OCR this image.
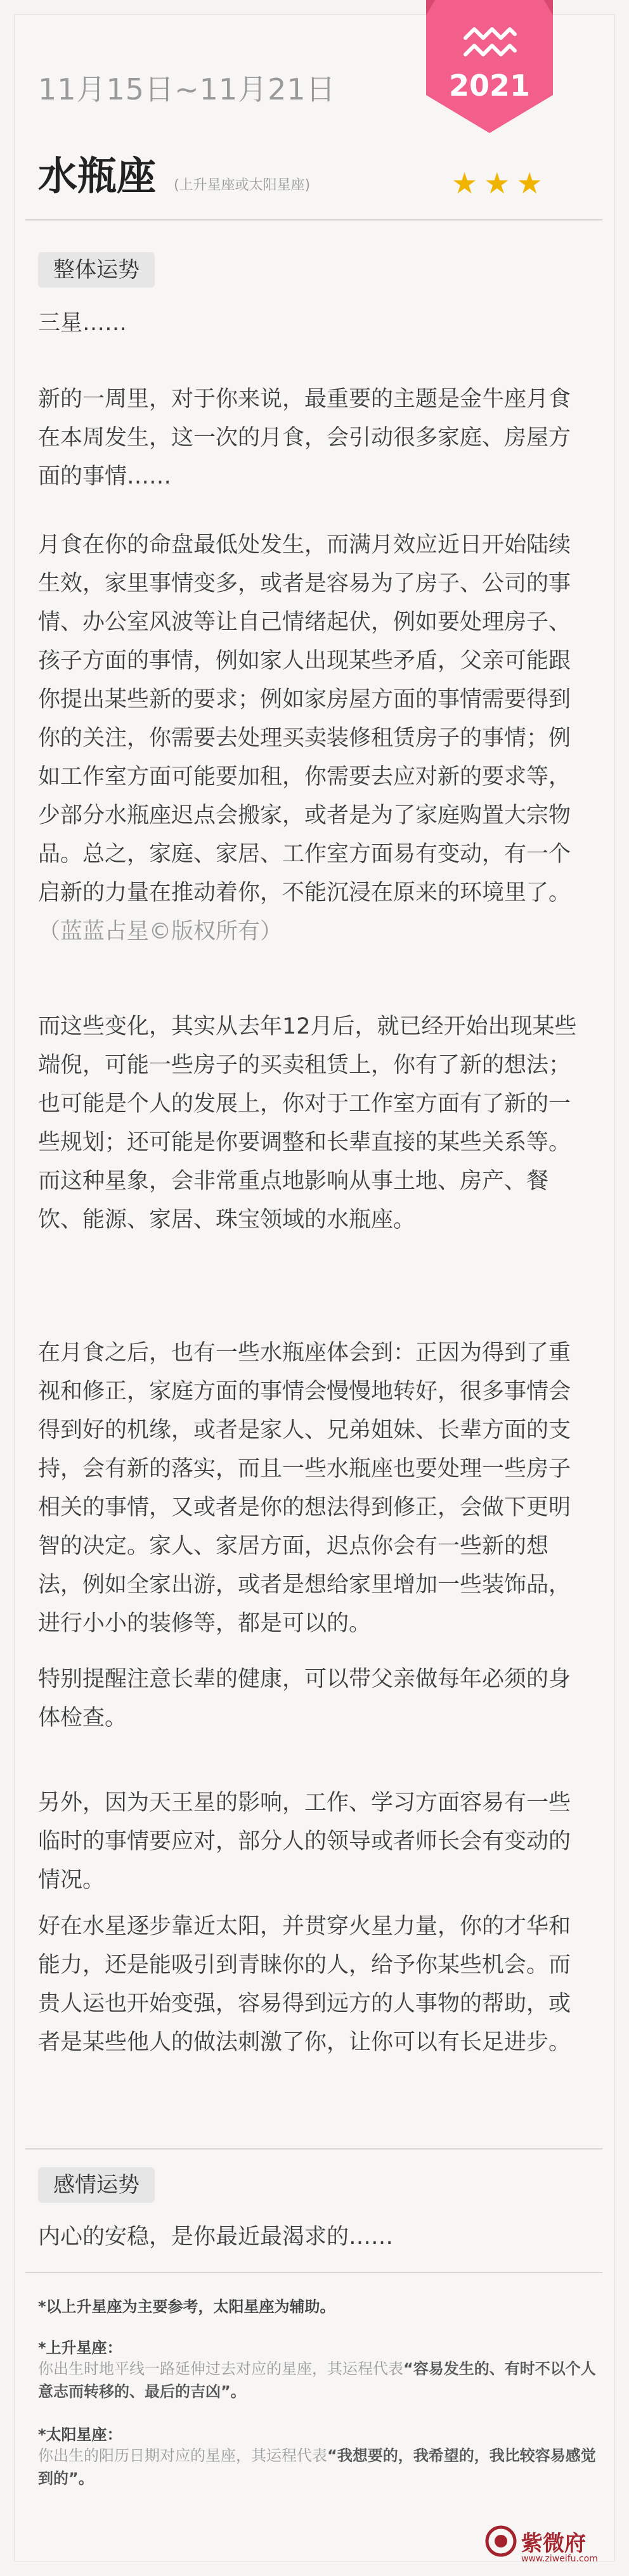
2021
11月15日~11月21日
水瓶座 (上升星座或太阳星座)	★★★
整体运势

三星……

新的一周里，对于你来说，最重要的主题是金牛座月食在本周发生，这一次的月食，会引动很多家庭、房屋方面的事情……

月食在你的命盘最低处发生，而满月效应近日开始陆续生效，家里事情变多，或者是容易为了房子、公司的事情、办公室风波等让自己情绪起伏，例如要处理房子、孩子方面的事情，例如家人出现某些矛盾，父亲可能跟你提出某些新的要求；例如家房屋方面的事情需要得到你的关注，你需要去处理买卖装修租赁房子的事情；例如工作室方面可能要加租，你需要去应对新的要求等，少部分水瓶座迟点会搬家，或者是为了家庭购置大宗物品。总之，家庭、家居、工作室方面易有变动，有一个启新的力量在推动着你，不能沉浸在原来的环境里了。（蓝蓝占星©版权所有）

而这些变化，其实从去年12月后，就已经开始出现某些端倪，可能一些房子的买卖租赁上，你有了新的想法；也可能是个人的发展上，你对于工作室方面有了新的一些规划；还可能是你要调整和长辈直接的某些关系等。而这种星象，会非常重点地影响从事土地、房产、餐饮、能源、家居、珠宝领域的水瓶座。

在月食之后，也有一些水瓶座体会到：正因为得到了重视和修正，家庭方面的事情会慢慢地转好，很多事情会得到好的机缘，或者是家人、兄弟姐妹、长辈方面的支持，会有新的落实，而且一些水瓶座也要处理一些房子相关的事情，又或者是你的想法得到修正，会做下更明智的决定。家人、家居方面，迟点你会有一些新的想法，例如全家出游，或者是想给家里增加一些装饰品，进行小小的装修等，都是可以的。

特别提醒注意长辈的健康，可以带父亲做每年必须的身体检查。

另外，因为天王星的影响，工作、学习方面容易有一些临时的事情要应对，部分人的领导或者师长会有变动的情况。

好在水星逐步靠近太阳，并贯穿火星力量，你的才华和能力，还是能吸引到青睐你的人，给予你某些机会。而贵人运也开始变强，容易得到远方的人事物的帮助，或者是某些他人的做法刺激了你，让你可以有长足进步。

感情运势

内心的安稳，是你最近最渴求的……

*以上升星座为主要参考，太阳星座为辅助。

*上升星座：

你出生时地平线一路延伸过去对应的星座，其运程代表“容易发生的、有时不以个人意志而转移的、最后的吉凶”。

*太阳星座：

你出生的阳历日期对应的星座，其运程代表“我想要的，我希望的，我比较容易感觉到的”。

紫微府
www.ziweifu.com
